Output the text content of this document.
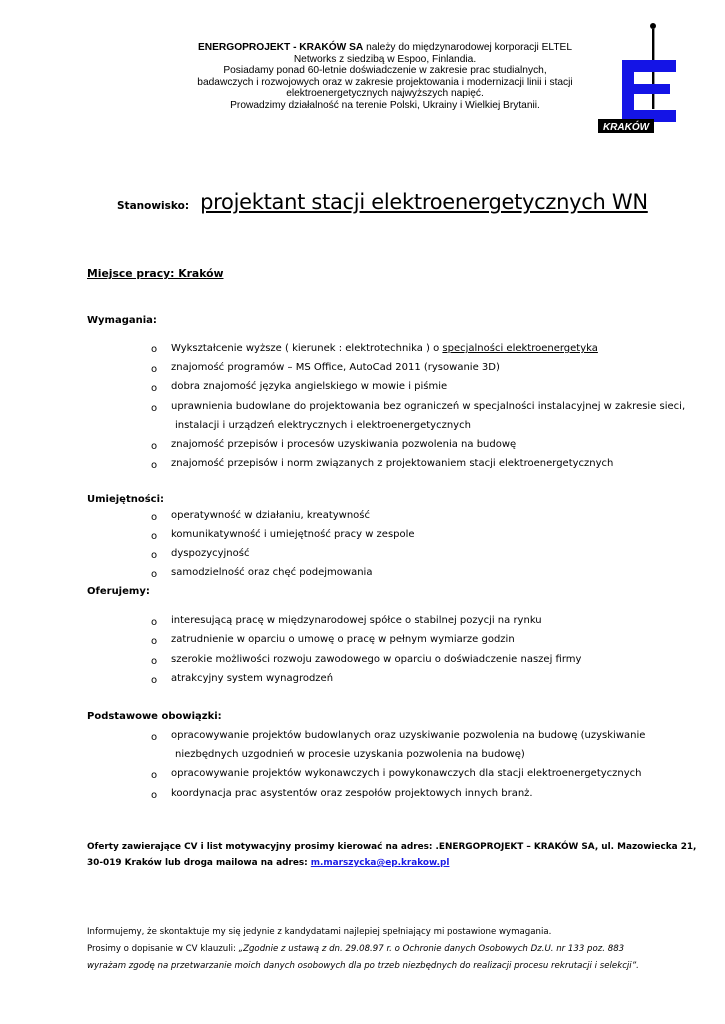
ENERGOPROJEKT - KRAKÓW SA należy do międzynarodowej korporacji ELTEL
Networks z siedzibą w Espoo, Finlandia.
Posiadamy ponad 60-letnie doświadczenie w zakresie prac studialnych,
badawczych i rozwojowych oraz w zakresie projektowania i modernizacji linii i stacji
elektroenergetycznych najwyższych napięć.
Prowadzimy działalność na terenie Polski, Ukrainy i Wielkiej Brytanii.
KRAKÓW
Stanowisko: projektant stacji elektroenergetycznych WN
Miejsce pracy: Kraków
Wymagania:
o Wykształcenie wyższe ( kierunek : elektrotechnika ) o specjalności elektroenergetyka
o znajomość programów – MS Office, AutoCad 2011 (rysowanie 3D)
o dobra znajomość języka angielskiego w mowie i piśmie
o uprawnienia budowlane do projektowania bez ograniczeń w specjalności instalacyjnej w zakresie sieci,
instalacji i urządzeń elektrycznych i elektroenergetycznych
o znajomość przepisów i procesów uzyskiwania pozwolenia na budowę
o znajomość przepisów i norm związanych z projektowaniem stacji elektroenergetycznych
Umiejętności:
o operatywność w działaniu, kreatywność
o komunikatywność i umiejętność pracy w zespole
o dyspozycyjność
o samodzielność oraz chęć podejmowania
Oferujemy:
o interesującą pracę w międzynarodowej spółce o stabilnej pozycji na rynku
o zatrudnienie w oparciu o umowę o pracę w pełnym wymiarze godzin
o szerokie możliwości rozwoju zawodowego w oparciu o doświadczenie naszej firmy
o atrakcyjny system wynagrodzeń
Podstawowe obowiązki:
o opracowywanie projektów budowlanych oraz uzyskiwanie pozwolenia na budowę (uzyskiwanie
niezbędnych uzgodnień w procesie uzyskania pozwolenia na budowę)
o opracowywanie projektów wykonawczych i powykonawczych dla stacji elektroenergetycznych
o koordynacja prac asystentów oraz zespołów projektowych innych branż.
Oferty zawierające CV i list motywacyjny prosimy kierować na adres: .ENERGOPROJEKT – KRAKÓW SA, ul. Mazowiecka 21,
30-019 Kraków lub droga mailowa na adres: m.marszycka@ep.krakow.pl
Informujemy, że skontaktuje my się jedynie z kandydatami najlepiej spełniający mi postawione wymagania.
Prosimy o dopisanie w CV klauzuli: „Zgodnie z ustawą z dn. 29.08.97 r. o Ochronie danych Osobowych Dz.U. nr 133 poz. 883
wyrażam zgodę na przetwarzanie moich danych osobowych dla po trzeb niezbędnych do realizacji procesu rekrutacji i selekcji”.
